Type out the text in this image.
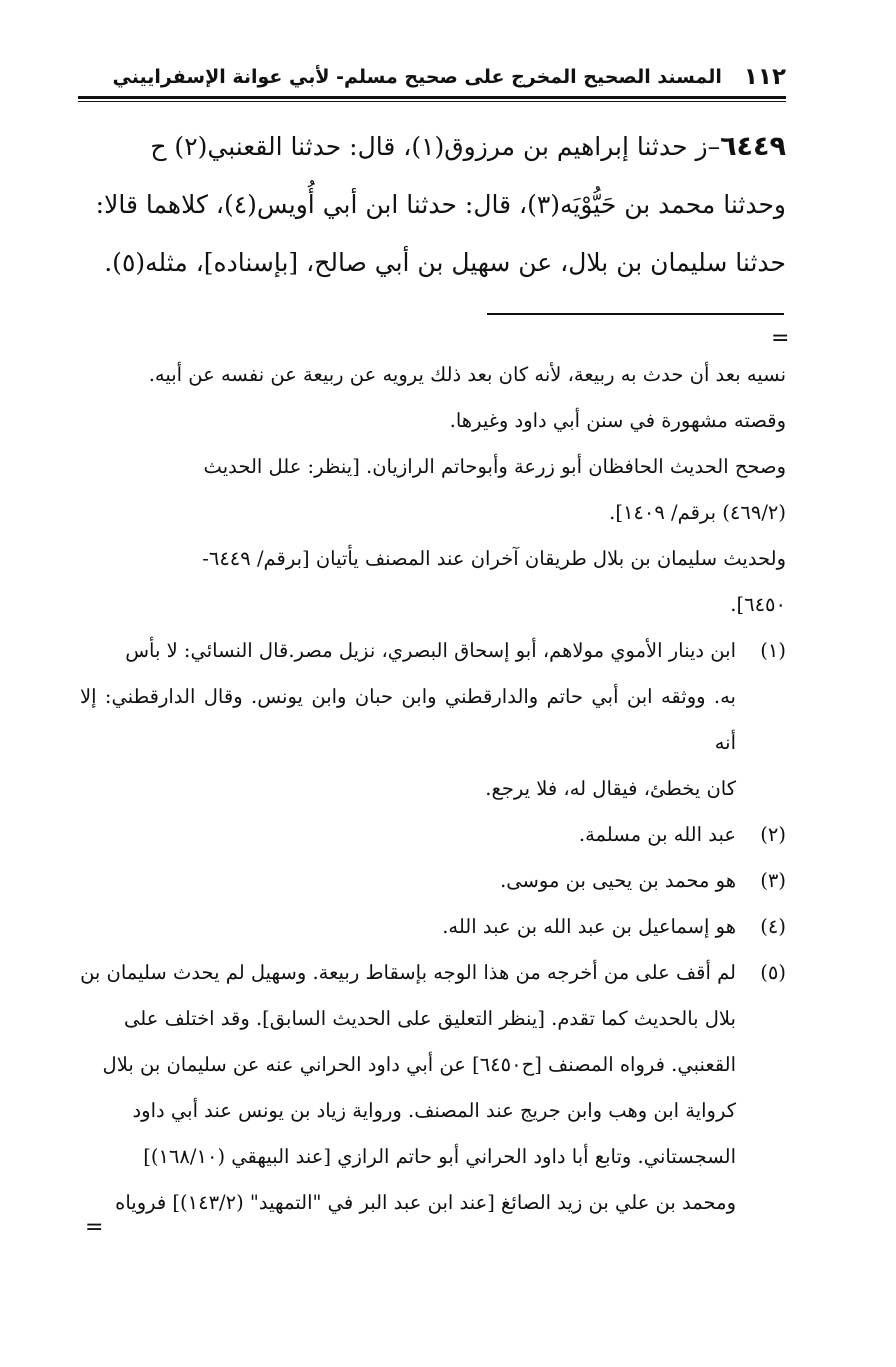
١١٢
المسند الصحيح المخرج على صحيح مسلم- لأبي عوانة الإسفراييني

٦٤٤٩–ز حدثنا إبراهيم بن مرزوق(١)، قال: حدثنا القعنبي(٢) ح

وحدثنا محمد بن حَيُّوْيَه(٣)، قال: حدثنا ابن أبي أُويس(٤)، كلاهما قالا:

حدثنا سليمان بن بلال، عن سهيل بن أبي صالح، [بإسناده]، مثله(٥).

=

نسيه بعد أن حدث به ربيعة، لأنه كان بعد ذلك يرويه عن ربيعة عن نفسه عن أبيه.

وقصته مشهورة في سنن أبي داود وغيرها.

وصحح الحديث الحافظان أبو زرعة وأبوحاتم الرازيان. [ينظر: علل الحديث

(٤٦٩/٢) برقم/ ١٤٠٩].

ولحديث سليمان بن بلال طريقان آخران عند المصنف يأتيان [برقم/ ٦٤٤٩-

٦٤٥٠].

(١)

ابن دينار الأموي مولاهم، أبو إسحاق البصري، نزيل مصر.قال النسائي: لا بأس

به. ووثقه ابن أبي حاتم والدارقطني وابن حبان وابن يونس. وقال الدارقطني: إلا أنه

كان يخطئ، فيقال له، فلا يرجع.

(٢)

عبد الله بن مسلمة.

(٣)

هو محمد بن يحيى بن موسى.

(٤)

هو إسماعيل بن عبد الله بن عبد الله.

(٥)

لم أقف على من أخرجه من هذا الوجه بإسقاط ربيعة. وسهيل لم يحدث سليمان بن

بلال بالحديث كما تقدم. [ينظر التعليق على الحديث السابق]. وقد اختلف على

القعنبي. فرواه المصنف [ح٦٤٥٠] عن أبي داود الحراني عنه عن سليمان بن بلال

كرواية ابن وهب وابن جريج عند المصنف. ورواية زياد بن يونس عند أبي داود

السجستاني. وتابع أبا داود الحراني أبو حاتم الرازي [عند البيهقي (١٦٨/١٠)]

ومحمد بن علي بن زيد الصائغ [عند ابن عبد البر في "التمهيد" (١٤٣/٢)] فروياه

=
